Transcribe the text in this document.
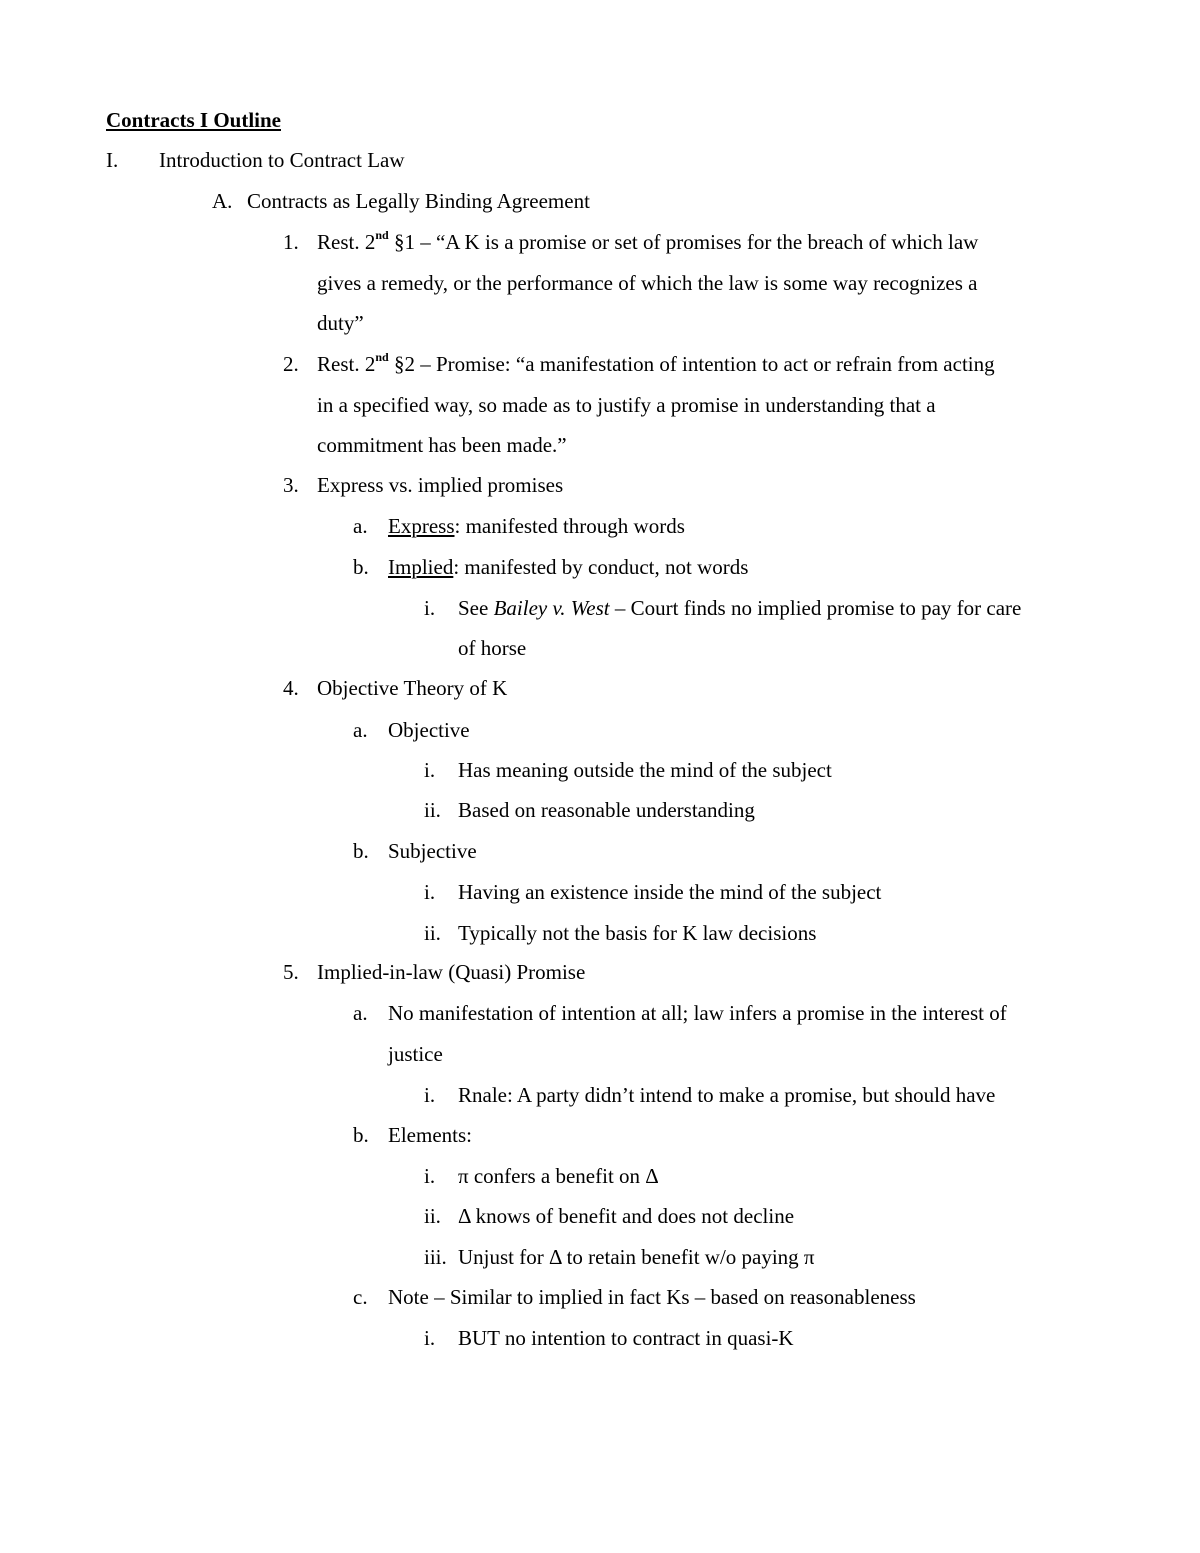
Contracts I Outline
I. Introduction to Contract Law
A. Contracts as Legally Binding Agreement
1. Rest. 2nd §1 – “A K is a promise or set of promises for the breach of which law
gives a remedy, or the performance of which the law is some way recognizes a
duty”
2. Rest. 2nd §2 – Promise: “a manifestation of intention to act or refrain from acting
in a specified way, so made as to justify a promise in understanding that a
commitment has been made.”
3. Express vs. implied promises
a. Express: manifested through words
b. Implied: manifested by conduct, not words
i. See Bailey v. West – Court finds no implied promise to pay for care
of horse
4. Objective Theory of K
a. Objective
i. Has meaning outside the mind of the subject
ii. Based on reasonable understanding
b. Subjective
i. Having an existence inside the mind of the subject
ii. Typically not the basis for K law decisions
5. Implied-in-law (Quasi) Promise
a. No manifestation of intention at all; law infers a promise in the interest of
justice
i. Rnale: A party didn’t intend to make a promise, but should have
b. Elements:
i. π confers a benefit on Δ
ii. Δ knows of benefit and does not decline
iii. Unjust for Δ to retain benefit w/o paying π
c. Note – Similar to implied in fact Ks – based on reasonableness
i. BUT no intention to contract in quasi-K
